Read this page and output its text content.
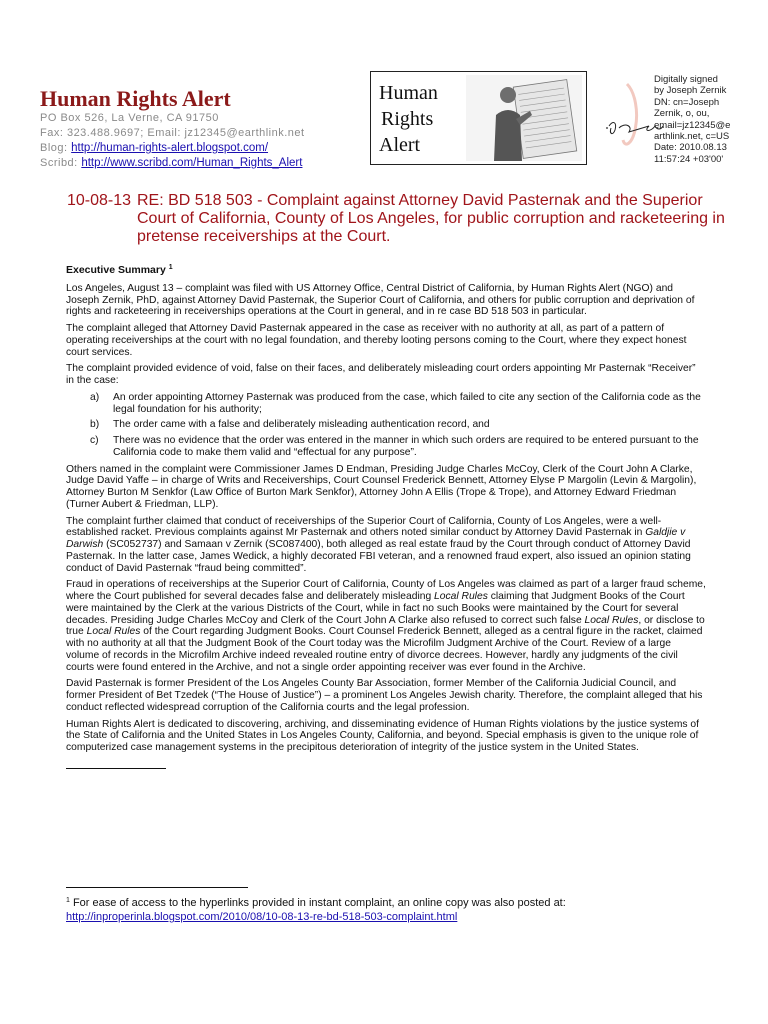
Human Rights Alert
PO Box 526, La Verne, CA 91750
Fax: 323.488.9697; Email: jz12345@earthlink.net
Blog: http://human-rights-alert.blogspot.com/
Scribd: http://www.scribd.com/Human_Rights_Alert
Human
Rights
Alert
Digitally signed
by Joseph Zernik
DN: cn=Joseph
Zernik, o, ou,
email=jz12345@e
arthlink.net, c=US
Date: 2010.08.13
11:57:24 +03'00'
10-08-13 RE: BD 518 503 - Complaint against Attorney David Pasternak and the Superior
Court of California, County of Los Angeles, for public corruption and racketeering in
pretense receiverships at the Court.

Executive Summary $^1$

Los Angeles, August 13 – complaint was filed with US Attorney Office, Central District of California, by Human Rights Alert (NGO) and Joseph Zernik, PhD, against Attorney David Pasternak, the Superior Court of California, and others for public corruption and deprivation of rights and racketeering in receiverships operations at the Court in general, and in re case BD 518 503 in particular.

The complaint alleged that Attorney David Pasternak appeared in the case as receiver with no authority at all, as part of a pattern of operating receiverships at the court with no legal foundation, and thereby looting persons coming to the Court, where they expect honest court services.

The complaint provided evidence of void, false on their faces, and deliberately misleading court orders appointing Mr Pasternak “Receiver” in the case:

a) An order appointing Attorney Pasternak was produced from the case, which failed to cite any section of the California code as the legal foundation for his authority;
b) The order came with a false and deliberately misleading authentication record, and
c) There was no evidence that the order was entered in the manner in which such orders are required to be entered pursuant to the California code to make them valid and “effectual for any purpose”.

Others named in the complaint were Commissioner James D Endman, Presiding Judge Charles McCoy, Clerk of the Court John A Clarke, Judge David Yaffe – in charge of Writs and Receiverships, Court Counsel Frederick Bennett, Attorney Elyse P Margolin (Levin & Margolin), Attorney Burton M Senkfor (Law Office of Burton Mark Senkfor), Attorney John A Ellis (Trope & Trope), and Attorney Edward Friedman (Turner Aubert & Friedman, LLP).

The complaint further claimed that conduct of receiverships of the Superior Court of California, County of Los Angeles, were a well-established racket. Previous complaints against Mr Pasternak and others noted similar conduct by Attorney David Pasternak in Galdjie v Darwish (SC052737) and Samaan v Zernik (SC087400), both alleged as real estate fraud by the Court through conduct of Attorney David Pasternak. In the latter case, James Wedick, a highly decorated FBI veteran, and a renowned fraud expert, also issued an opinion stating conduct of David Pasternak “fraud being committed”.

Fraud in operations of receiverships at the Superior Court of California, County of Los Angeles was claimed as part of a larger fraud scheme, where the Court published for several decades false and deliberately misleading Local Rules claiming that Judgment Books of the Court were maintained by the Clerk at the various Districts of the Court, while in fact no such Books were maintained by the Court for several decades. Presiding Judge Charles McCoy and Clerk of the Court John A Clarke also refused to correct such false Local Rules, or disclose to true Local Rules of the Court regarding Judgment Books. Court Counsel Frederick Bennett, alleged as a central figure in the racket, claimed with no authority at all that the Judgment Book of the Court today was the Microfilm Judgment Archive of the Court. Review of a large volume of records in the Microfilm Archive indeed revealed routine entry of divorce decrees. However, hardly any judgments of the civil courts were found entered in the Archive, and not a single order appointing receiver was ever found in the Archive.

David Pasternak is former President of the Los Angeles County Bar Association, former Member of the California Judicial Council, and former President of Bet Tzedek (“The House of Justice”) – a prominent Los Angeles Jewish charity. Therefore, the complaint alleged that his conduct reflected widespread corruption of the California courts and the legal profession.

Human Rights Alert is dedicated to discovering, archiving, and disseminating evidence of Human Rights violations by the justice systems of the State of California and the United States in Los Angeles County, California, and beyond. Special emphasis is given to the unique role of computerized case management systems in the precipitous deterioration of integrity of the justice system in the United States.

$^1$ For ease of access to the hyperlinks provided in instant complaint, an online copy was also posted at:
http://inproperinla.blogspot.com/2010/08/10-08-13-re-bd-518-503-complaint.html
